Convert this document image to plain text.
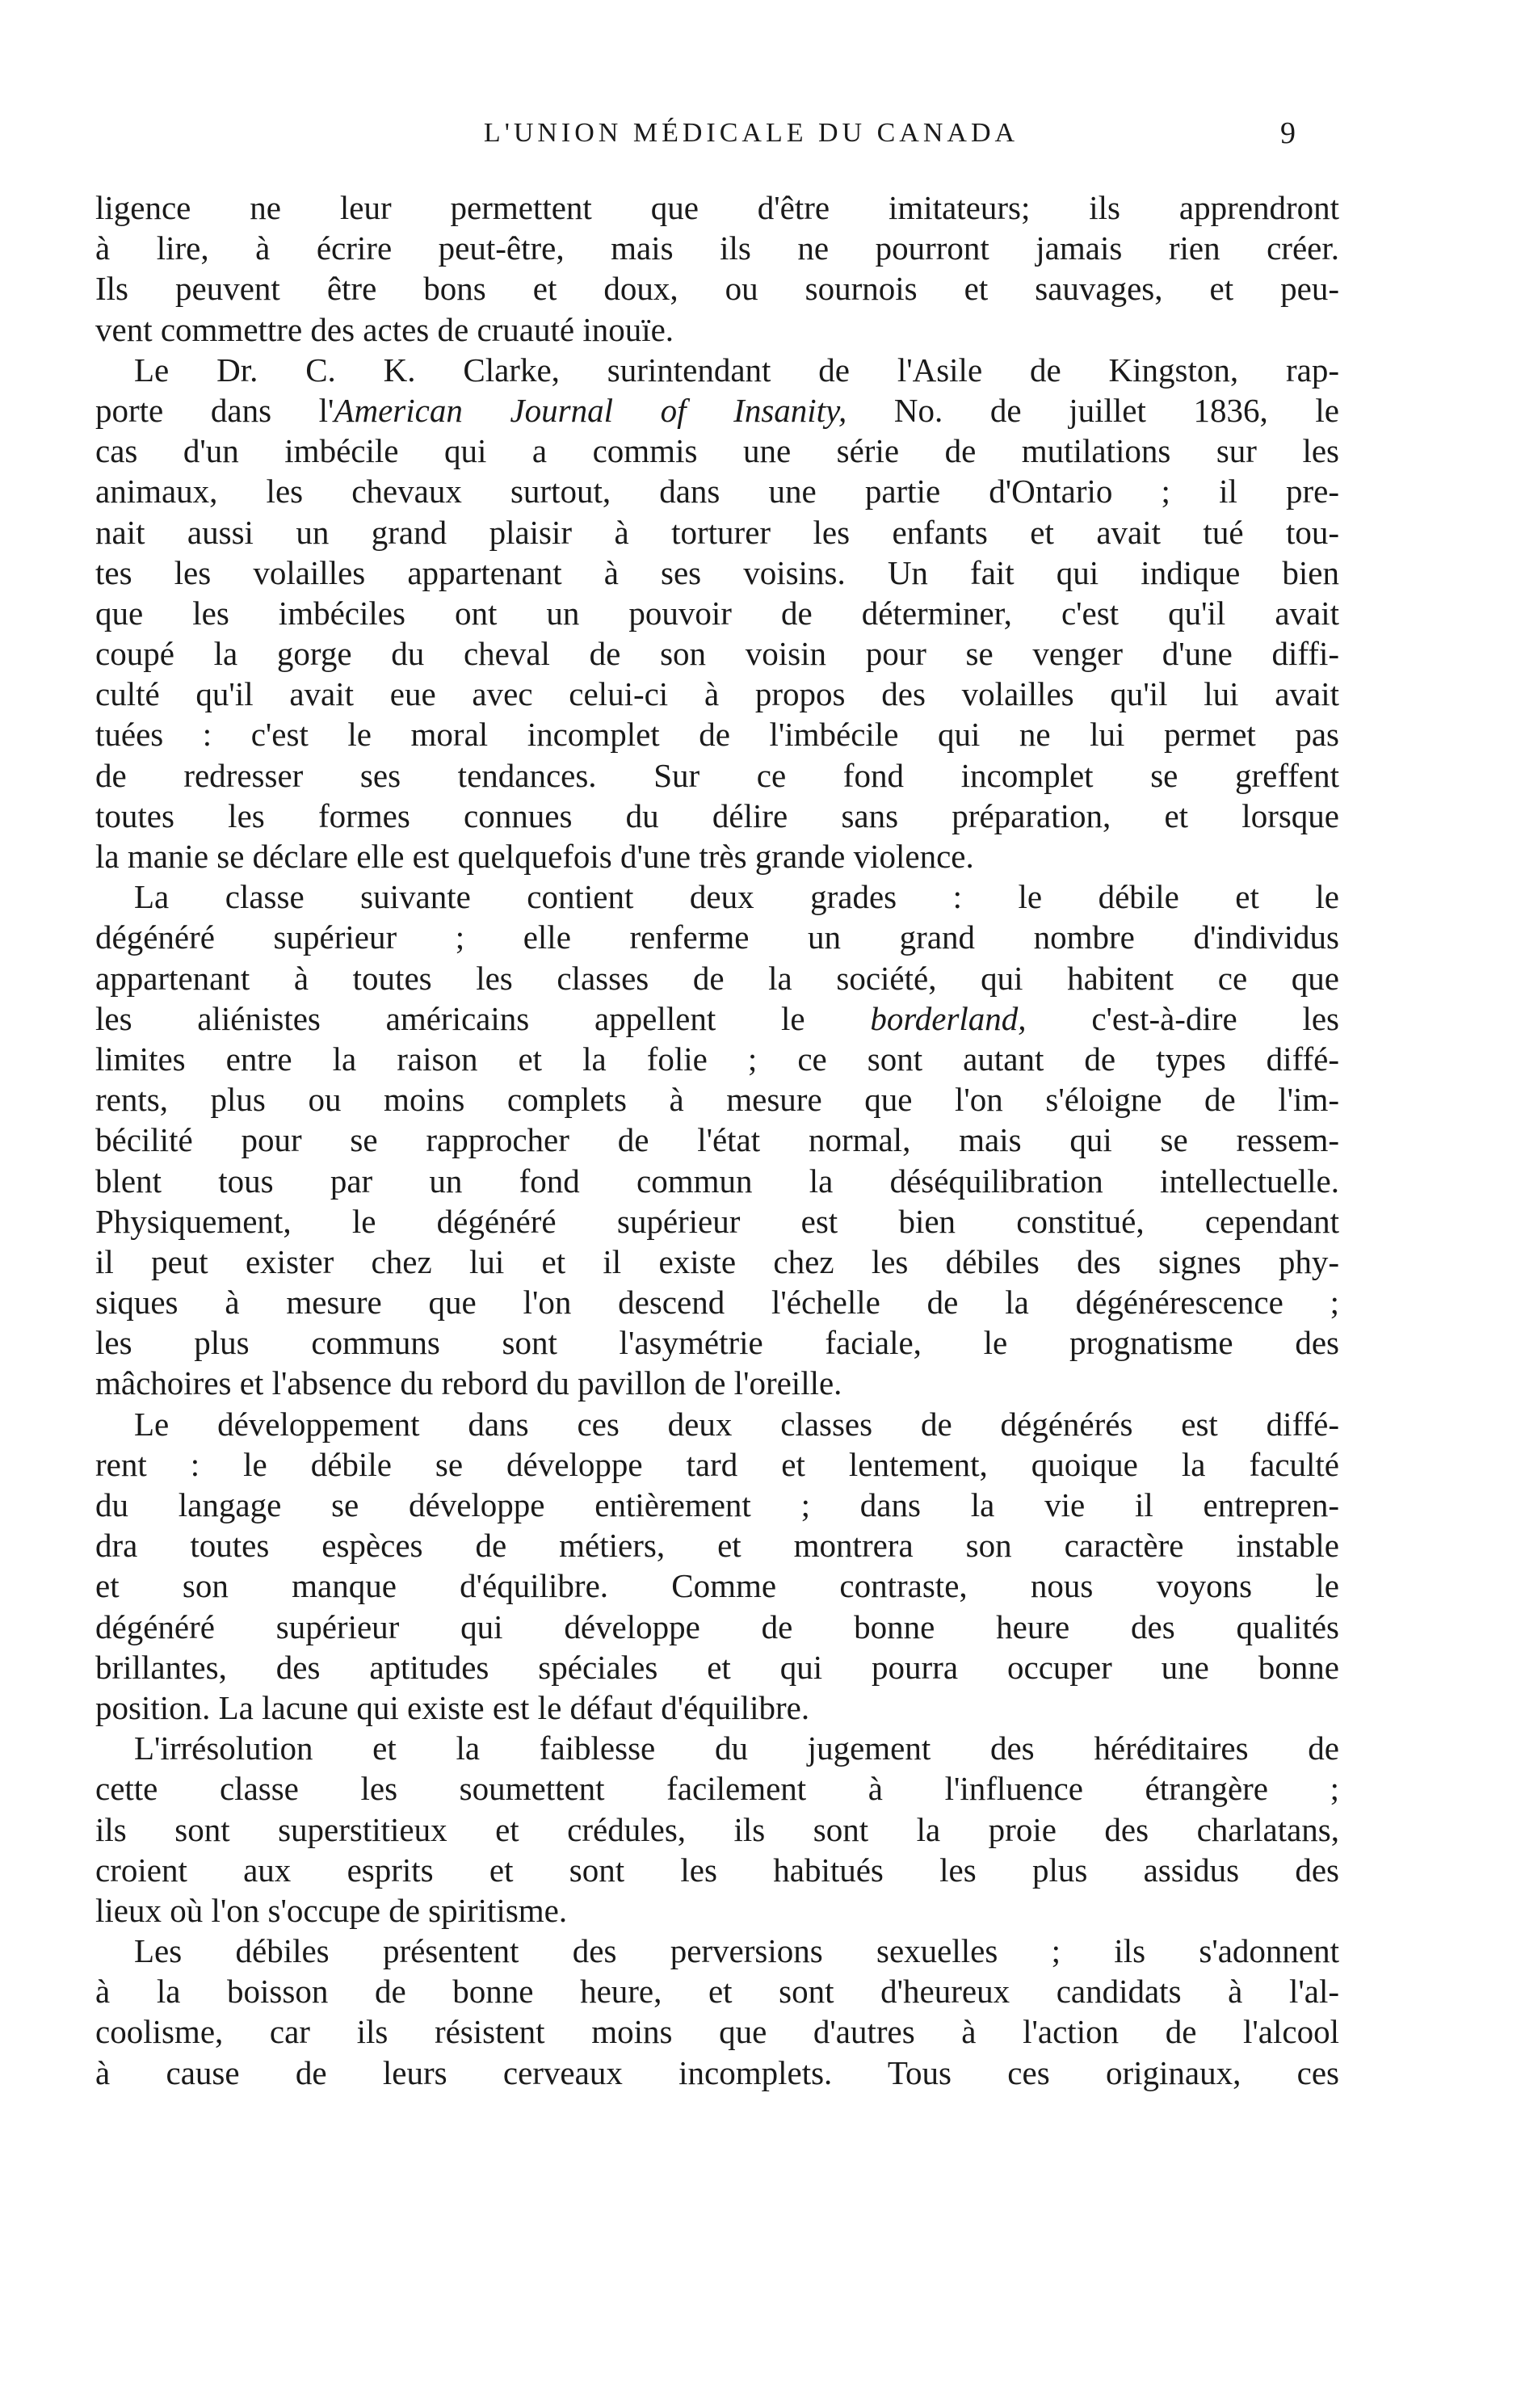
L'UNION MÉDICALE DU CANADA	9
ligence ne leur permettent que d'être imitateurs; ils apprendront
à lire, à écrire peut-être, mais ils ne pourront jamais rien créer.
Ils peuvent être bons et doux, ou sournois et sauvages, et peu-
vent commettre des actes de cruauté inouïe.
Le Dr. C. K. Clarke, surintendant de l'Asile de Kingston, rap-
porte dans l'American Journal of Insanity, No. de juillet 1836, le
cas d'un imbécile qui a commis une série de mutilations sur les
animaux, les chevaux surtout, dans une partie d'Ontario ; il pre-
nait aussi un grand plaisir à torturer les enfants et avait tué tou-
tes les volailles appartenant à ses voisins. Un fait qui indique bien
que les imbéciles ont un pouvoir de déterminer, c'est qu'il avait
coupé la gorge du cheval de son voisin pour se venger d'une diffi-
culté qu'il avait eue avec celui-ci à propos des volailles qu'il lui avait
tuées : c'est le moral incomplet de l'imbécile qui ne lui permet pas
de redresser ses tendances. Sur ce fond incomplet se greffent
toutes les formes connues du délire sans préparation, et lorsque
la manie se déclare elle est quelquefois d'une très grande violence.
La classe suivante contient deux grades : le débile et le
dégénéré supérieur ; elle renferme un grand nombre d'individus
appartenant à toutes les classes de la société, qui habitent ce que
les aliénistes américains appellent le borderland, c'est-à-dire les
limites entre la raison et la folie ; ce sont autant de types diffé-
rents, plus ou moins complets à mesure que l'on s'éloigne de l'im-
bécilité pour se rapprocher de l'état normal, mais qui se ressem-
blent tous par un fond commun la déséquilibration intellectuelle.
Physiquement, le dégénéré supérieur est bien constitué, cependant
il peut exister chez lui et il existe chez les débiles des signes phy-
siques à mesure que l'on descend l'échelle de la dégénérescence ;
les plus communs sont l'asymétrie faciale, le prognatisme des
mâchoires et l'absence du rebord du pavillon de l'oreille.
Le développement dans ces deux classes de dégénérés est diffé-
rent : le débile se développe tard et lentement, quoique la faculté
du langage se développe entièrement ; dans la vie il entrepren-
dra toutes espèces de métiers, et montrera son caractère instable
et son manque d'équilibre. Comme contraste, nous voyons le
dégénéré supérieur qui développe de bonne heure des qualités
brillantes, des aptitudes spéciales et qui pourra occuper une bonne
position. La lacune qui existe est le défaut d'équilibre.
L'irrésolution et la faiblesse du jugement des héréditaires de
cette classe les soumettent facilement à l'influence étrangère ;
ils sont superstitieux et crédules, ils sont la proie des charlatans,
croient aux esprits et sont les habitués les plus assidus des
lieux où l'on s'occupe de spiritisme.
Les débiles présentent des perversions sexuelles ; ils s'adonnent
à la boisson de bonne heure, et sont d'heureux candidats à l'al-
coolisme, car ils résistent moins que d'autres à l'action de l'alcool
à cause de leurs cerveaux incomplets. Tous ces originaux, ces
